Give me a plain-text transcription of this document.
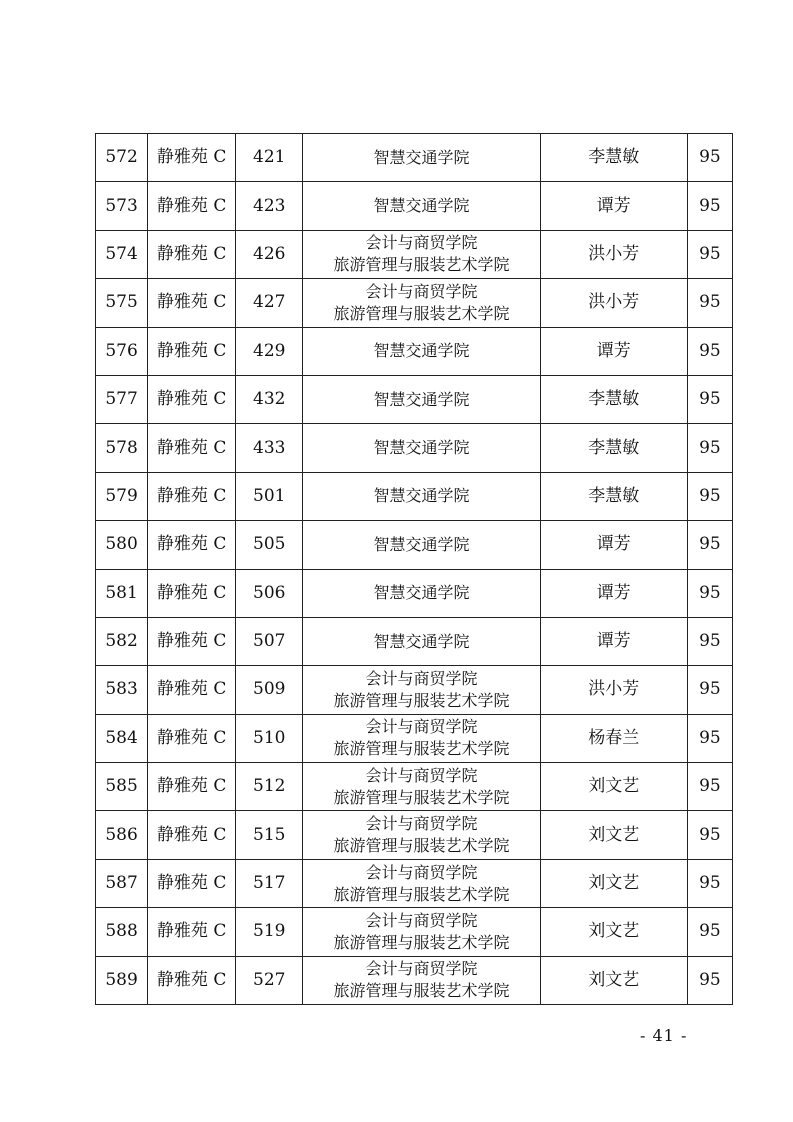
572	静雅苑 C	421	智慧交通学院	李慧敏	95
573	静雅苑 C	423	智慧交通学院	谭芳	95
574	静雅苑 C	426	会计与商贸学院
旅游管理与服装艺术学院	洪小芳	95
575	静雅苑 C	427	会计与商贸学院
旅游管理与服装艺术学院	洪小芳	95
576	静雅苑 C	429	智慧交通学院	谭芳	95
577	静雅苑 C	432	智慧交通学院	李慧敏	95
578	静雅苑 C	433	智慧交通学院	李慧敏	95
579	静雅苑 C	501	智慧交通学院	李慧敏	95
580	静雅苑 C	505	智慧交通学院	谭芳	95
581	静雅苑 C	506	智慧交通学院	谭芳	95
582	静雅苑 C	507	智慧交通学院	谭芳	95
583	静雅苑 C	509	会计与商贸学院
旅游管理与服装艺术学院	洪小芳	95
584	静雅苑 C	510	会计与商贸学院
旅游管理与服装艺术学院	杨春兰	95
585	静雅苑 C	512	会计与商贸学院
旅游管理与服装艺术学院	刘文艺	95
586	静雅苑 C	515	会计与商贸学院
旅游管理与服装艺术学院	刘文艺	95
587	静雅苑 C	517	会计与商贸学院
旅游管理与服装艺术学院	刘文艺	95
588	静雅苑 C	519	会计与商贸学院
旅游管理与服装艺术学院	刘文艺	95
589	静雅苑 C	527	会计与商贸学院
旅游管理与服装艺术学院	刘文艺	95
- 41 -
